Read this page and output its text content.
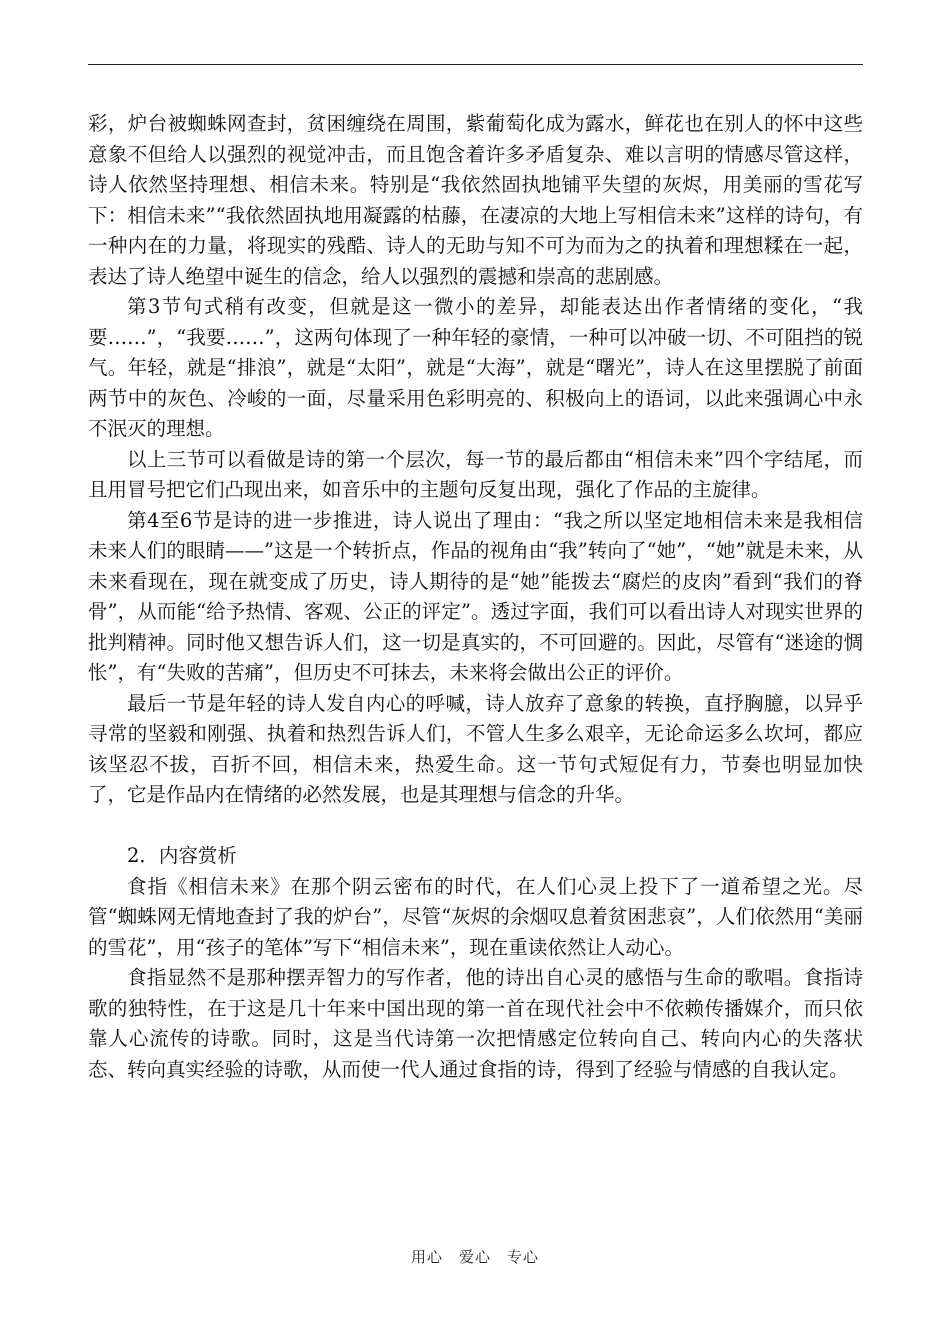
彩，炉台被蜘蛛网查封，贫困缠绕在周围，紫葡萄化成为露水，鲜花也在别人的怀中这些意象不但给人以强烈的视觉冲击，而且饱含着许多矛盾复杂、难以言明的情感尽管这样，诗人依然坚持理想、相信未来。特别是“我依然固执地铺平失望的灰烬，用美丽的雪花写下：相信未来”“我依然固执地用凝露的枯藤，在凄凉的大地上写相信未来”这样的诗句，有一种内在的力量，将现实的残酷、诗人的无助与知不可为而为之的执着和理想糅在一起，表达了诗人绝望中诞生的信念，给人以强烈的震撼和崇高的悲剧感。

第3节句式稍有改变，但就是这一微小的差异，却能表达出作者情绪的变化，“我要……”，“我要……”，这两句体现了一种年轻的豪情，一种可以冲破一切、不可阻挡的锐气。年轻，就是“排浪”，就是“太阳”，就是“大海”，就是“曙光”，诗人在这里摆脱了前面两节中的灰色、冷峻的一面，尽量采用色彩明亮的、积极向上的语词，以此来强调心中永不泯灭的理想。

以上三节可以看做是诗的第一个层次，每一节的最后都由“相信未来”四个字结尾，而且用冒号把它们凸现出来，如音乐中的主题句反复出现，强化了作品的主旋律。

第4至6节是诗的进一步推进，诗人说出了理由：“我之所以坚定地相信未来是我相信未来人们的眼睛——”这是一个转折点，作品的视角由“我”转向了“她”，“她”就是未来，从未来看现在，现在就变成了历史，诗人期待的是“她”能拨去“腐烂的皮肉”看到“我们的脊骨”，从而能“给予热情、客观、公正的评定”。透过字面，我们可以看出诗人对现实世界的批判精神。同时他又想告诉人们，这一切是真实的，不可回避的。因此，尽管有“迷途的惆怅”，有“失败的苦痛”，但历史不可抹去，未来将会做出公正的评价。

最后一节是年轻的诗人发自内心的呼喊，诗人放弃了意象的转换，直抒胸臆，以异乎寻常的坚毅和刚强、执着和热烈告诉人们，不管人生多么艰辛，无论命运多么坎坷，都应该坚忍不拔，百折不回，相信未来，热爱生命。这一节句式短促有力，节奏也明显加快了，它是作品内在情绪的必然发展，也是其理想与信念的升华。

2．内容赏析

食指《相信未来》在那个阴云密布的时代，在人们心灵上投下了一道希望之光。尽管“蜘蛛网无情地查封了我的炉台”，尽管“灰烬的余烟叹息着贫困悲哀”，人们依然用“美丽的雪花”，用“孩子的笔体”写下“相信未来”，现在重读依然让人动心。

食指显然不是那种摆弄智力的写作者，他的诗出自心灵的感悟与生命的歌唱。食指诗歌的独特性，在于这是几十年来中国出现的第一首在现代社会中不依赖传播媒介，而只依靠人心流传的诗歌。同时，这是当代诗第一次把情感定位转向自己、转向内心的失落状态、转向真实经验的诗歌，从而使一代人通过食指的诗，得到了经验与情感的自我认定。

用心　爱心　专心
